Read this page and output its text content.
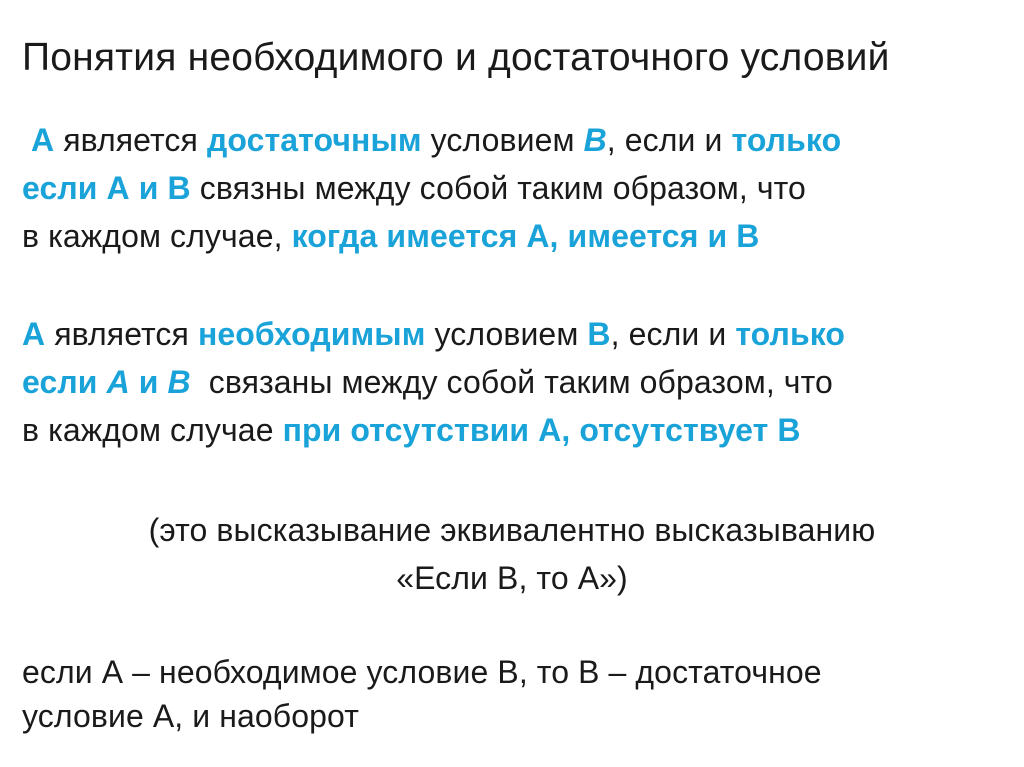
Понятия необходимого и достаточного условий
А является достаточным условием В, если и только
если А и В связны между собой таким образом, что
в каждом случае, когда имеется А, имеется и В
А является необходимым условием В, если и только
если А и В  связаны между собой таким образом, что
в каждом случае при отсутствии А, отсутствует В
(это высказывание эквивалентно высказыванию
«Если В, то А»)
если А – необходимое условие В, то В – достаточное
условие А, и наоборот
